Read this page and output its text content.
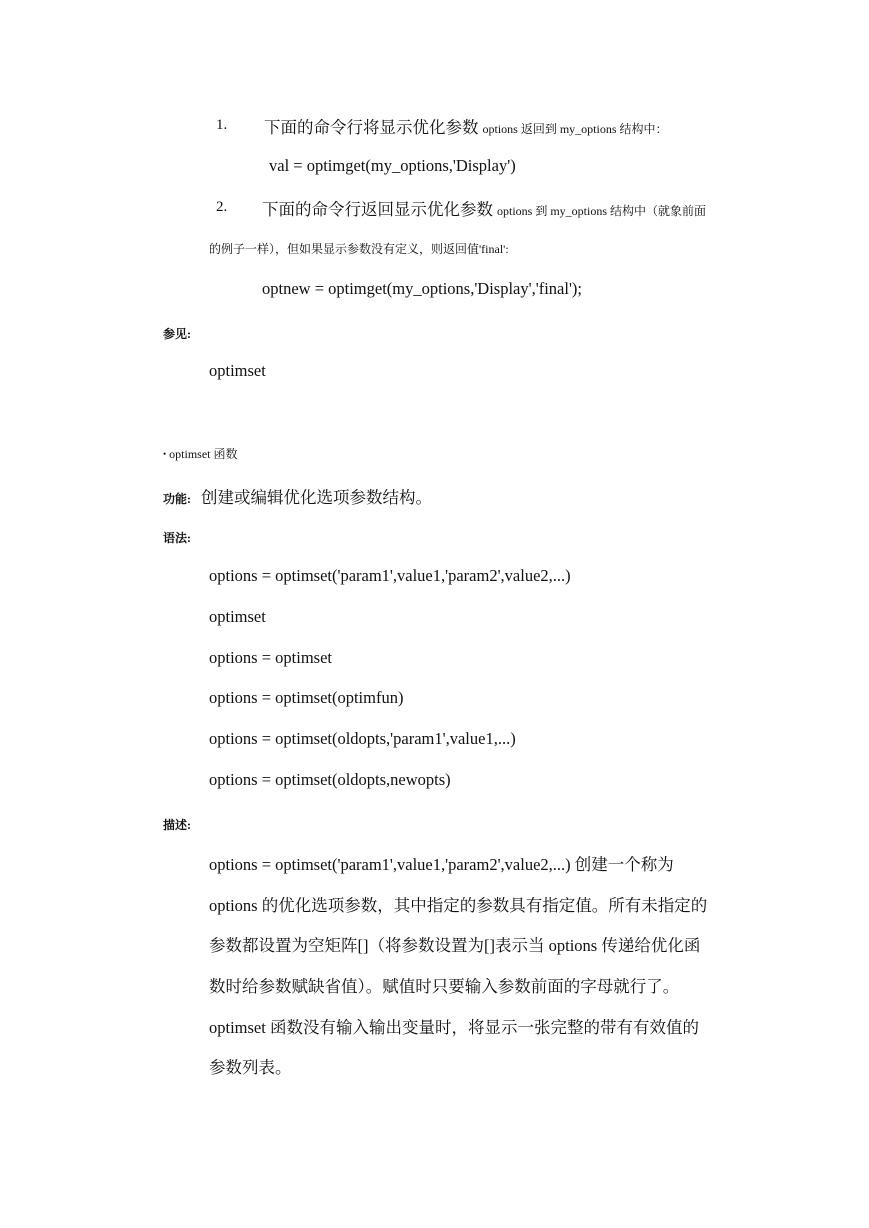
1. 下面的命令行将显示优化参数 options 返回到 my_options 结构中：
val = optimget(my_options,'Display')
2. 下面的命令行返回显示优化参数 options 到 my_options 结构中（就象前面
的例子一样），但如果显示参数没有定义，则返回值'final':
optnew = optimget(my_options,'Display','final');
参见:
optimset
• optimset 函数
功能: 创建或编辑优化选项参数结构。
语法:
options = optimset('param1',value1,'param2',value2,...)
optimset
options = optimset
options = optimset(optimfun)
options = optimset(oldopts,'param1',value1,...)
options = optimset(oldopts,newopts)
描述:
options = optimset('param1',value1,'param2',value2,...) 创建一个称为
options 的优化选项参数，其中指定的参数具有指定值。所有未指定的
参数都设置为空矩阵[]（将参数设置为[]表示当 options 传递给优化函
数时给参数赋缺省值）。赋值时只要输入参数前面的字母就行了。
optimset 函数没有输入输出变量时，将显示一张完整的带有有效值的
参数列表。
